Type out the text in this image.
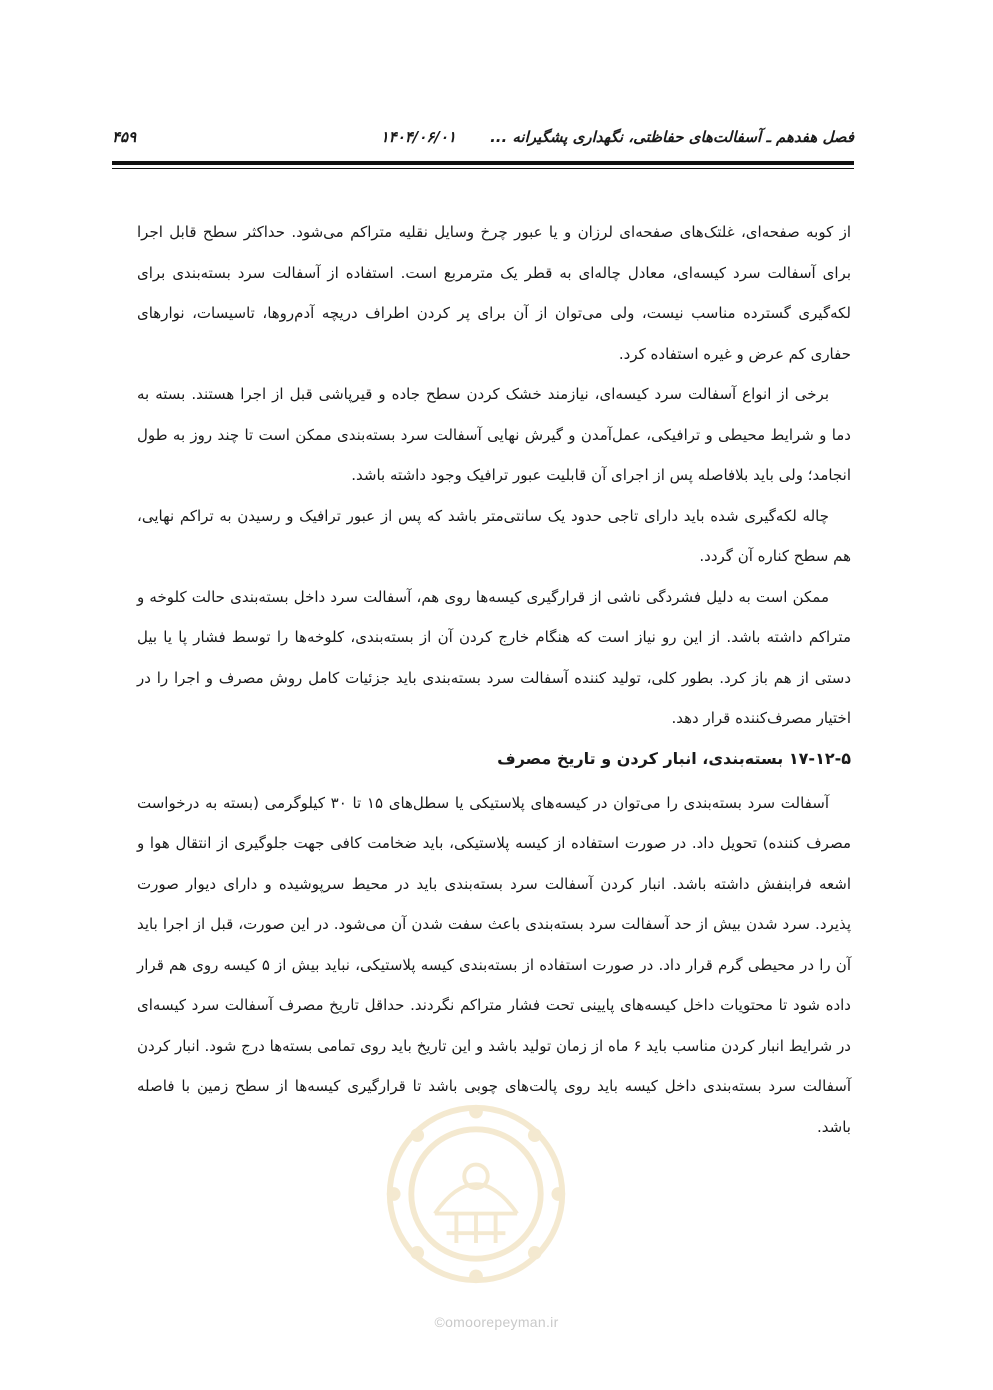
فصل هفدهم ـ آسفالت‌های حفاظتی، نگهداری پشگیرانه ...
۱۴۰۴/۰۶/۰۱
۴۵۹

از کوبه صفحه‌ای، غلتک‌های صفحه‌ای لرزان و یا عبور چرخ وسایل نقلیه متراکم می‌شود. حداکثر سطح قابل اجرا برای آسفالت سرد کیسه‌ای، معادل چاله‌ای به قطر یک مترمربع است. استفاده از آسفالت سرد بسته‌بندی برای لکه‌گیری گسترده مناسب نیست، ولی می‌توان از آن برای پر کردن اطراف دریچه آدم‌روها، تاسیسات، نوارهای حفاری کم عرض و غیره استفاده کرد.

برخی از انواع آسفالت سرد کیسه‌ای، نیازمند خشک کردن سطح جاده و قیرپاشی قبل از اجرا هستند. بسته به دما و شرایط محیطی و ترافیکی، عمل‌آمدن و گیرش نهایی آسفالت سرد بسته‌بندی ممکن است تا چند روز به طول انجامد؛ ولی باید بلافاصله پس از اجرای آن قابلیت عبور ترافیک وجود داشته باشد.

چاله لکه‌گیری شده باید دارای تاجی حدود یک سانتی‌متر باشد که پس از عبور ترافیک و رسیدن به تراکم نهایی، هم سطح کناره آن گردد.

ممکن است به دلیل فشردگی ناشی از قرارگیری کیسه‌ها روی هم، آسفالت سرد داخل بسته‌بندی حالت کلوخه و متراکم داشته باشد. از این رو نیاز است که هنگام خارج کردن آن از بسته‌بندی، کلوخه‌ها را توسط فشار پا یا بیل دستی از هم باز کرد. بطور کلی، تولید کننده آسفالت سرد بسته‌بندی باید جزئیات کامل روش مصرف و اجرا را در اختیار مصرف‌کننده قرار دهد.

۱۷-۱۲-۵ بسته‌بندی، انبار کردن و تاریخ مصرف

آسفالت سرد بسته‌بندی را می‌توان در کیسه‌های پلاستیکی یا سطل‌های ۱۵ تا ۳۰ کیلوگرمی (بسته به درخواست مصرف کننده) تحویل داد. در صورت استفاده از کیسه پلاستیکی، باید ضخامت کافی جهت جلوگیری از انتقال هوا و اشعه فرابنفش داشته باشد. انبار کردن آسفالت سرد بسته‌بندی باید در محیط سرپوشیده و دارای دیوار صورت پذیرد. سرد شدن بیش از حد آسفالت سرد بسته‌بندی باعث سفت شدن آن می‌شود. در این صورت، قبل از اجرا باید آن را در محیطی گرم قرار داد. در صورت استفاده از بسته‌بندی کیسه پلاستیکی، نباید بیش از ۵ کیسه روی هم قرار داده شود تا محتویات داخل کیسه‌های پایینی تحت فشار متراکم نگردند. حداقل تاریخ مصرف آسفالت سرد کیسه‌ای در شرایط انبار کردن مناسب باید ۶ ماه از زمان تولید باشد و این تاریخ باید روی تمامی بسته‌ها درج شود. انبار کردن آسفالت سرد بسته‌بندی داخل کیسه باید روی پالت‌های چوبی باشد تا قرارگیری کیسه‌ها از سطح زمین با فاصله باشد.

©omoorepeyman.ir
